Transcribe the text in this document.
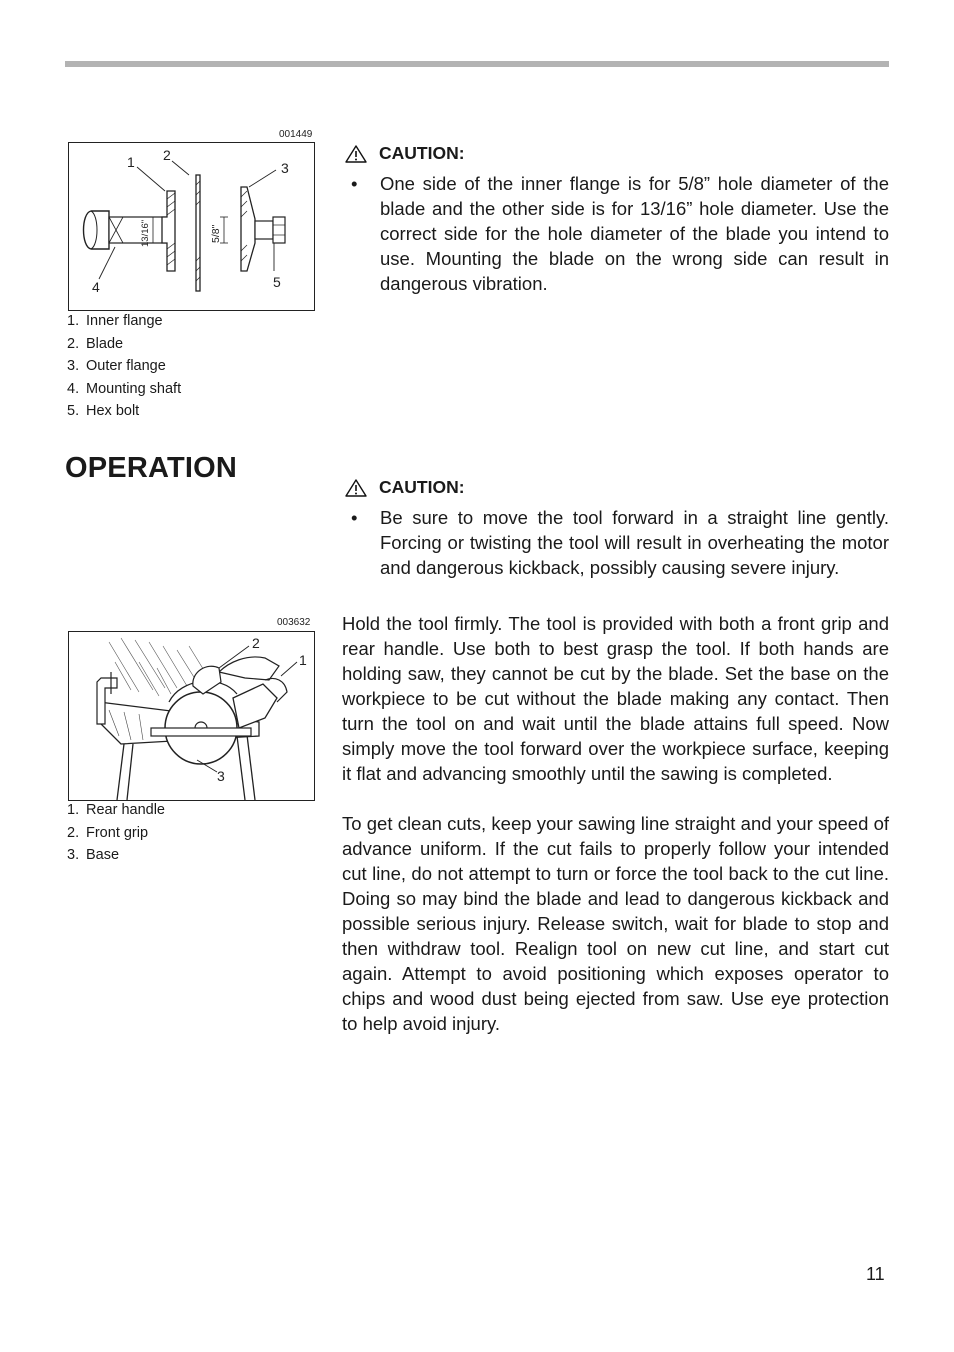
001449
13/16"	5/8"
1 2
3
4	5
1. Inner flange
2. Blade
3. Outer flange
4. Mounting shaft
5. Hex bolt
CAUTION:
• One side of the inner flange is for 5/8” hole diameter of the blade and the other side is for 13/16” hole diameter. Use the correct side for the hole diameter of the blade you intend to use. Mounting the blade on the wrong side can result in dangerous vibration.
OPERATION
CAUTION:
• Be sure to move the tool forward in a straight line gently. Forcing or twisting the tool will result in overheating the motor and dangerous kickback, possibly causing severe injury.
003632
2
1
3
1. Rear handle
2. Front grip
3. Base

Hold the tool firmly. The tool is provided with both a front grip and rear handle. Use both to best grasp the tool. If both hands are holding saw, they cannot be cut by the blade. Set the base on the workpiece to be cut without the blade making any contact. Then turn the tool on and wait until the blade attains full speed. Now simply move the tool forward over the workpiece surface, keeping it flat and advancing smoothly until the sawing is completed.

To get clean cuts, keep your sawing line straight and your speed of advance uniform. If the cut fails to properly follow your intended cut line, do not attempt to turn or force the tool back to the cut line. Doing so may bind the blade and lead to dangerous kickback and possible serious injury. Release switch, wait for blade to stop and then withdraw tool. Realign tool on new cut line, and start cut again. Attempt to avoid positioning which exposes operator to chips and wood dust being ejected from saw. Use eye protection to help avoid injury.

11
